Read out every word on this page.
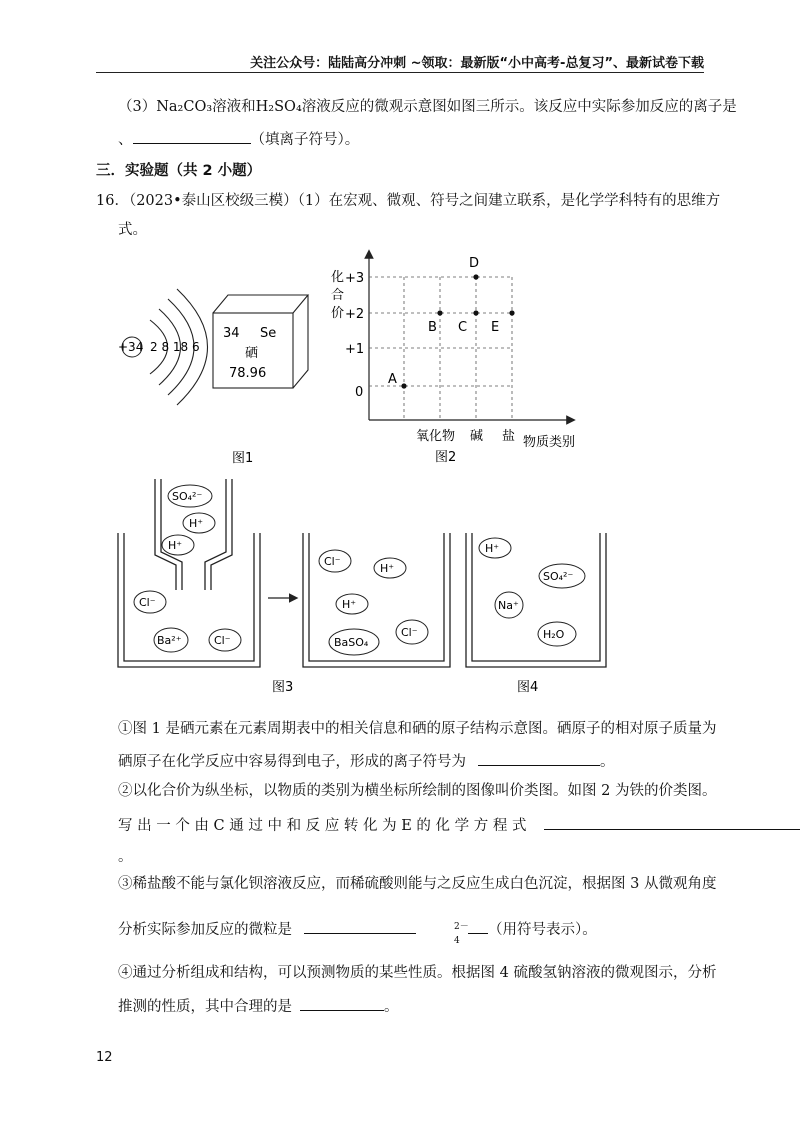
关注公众号：陆陆高分冲刺 ~领取：最新版“小中高考-总复习”、最新试卷下载
（3）Na₂CO₃溶液和H₂SO₄溶液反应的微观示意图如图三所示。该反应中实际参加反应的离子是
、	（填离子符号）。
三．实验题（共 2 小题）
16．（2023•泰山区校级三模）（1）在宏观、微观、符号之间建立联系，是化学学科特有的思维方
式。
+34 2 8 18 6
34 Se
硒
78.96
图1
化
合
价
+3
+2
+1
0
A
B C
D
E
氧化物 碱 盐 物质类别
图2
SO₄²⁻
H⁺
H⁺
Cl⁻
Ba²⁺	Cl⁻
Cl⁻
H⁺
H⁺
BaSO₄
Cl⁻
H⁺
SO₄²⁻
Na⁺
H₂O
图3	图4
①图 1 是硒元素在元素周期表中的相关信息和硒的原子结构示意图。硒原子的相对原子质量为
硒原子在化学反应中容易得到电子，形成的离子符号为	。
②以化合价为纵坐标，以物质的类别为横坐标所绘制的图像叫价类图。如图 2 为铁的价类图。
写 出 一 个 由 C 通 过 中 和 反 应 转 化 为 E 的 化 学 方 程 式
。
③稀盐酸不能与氯化钡溶液反应，而稀硫酸则能与之反应生成白色沉淀，根据图 3 从微观角度
分析实际参加反应的微粒是	2－
4
（用符号表示）。
④通过分析组成和结构，可以预测物质的某些性质。根据图 4 硫酸氢钠溶液的微观图示，分析
推测的性质，其中合理的是	。
12
